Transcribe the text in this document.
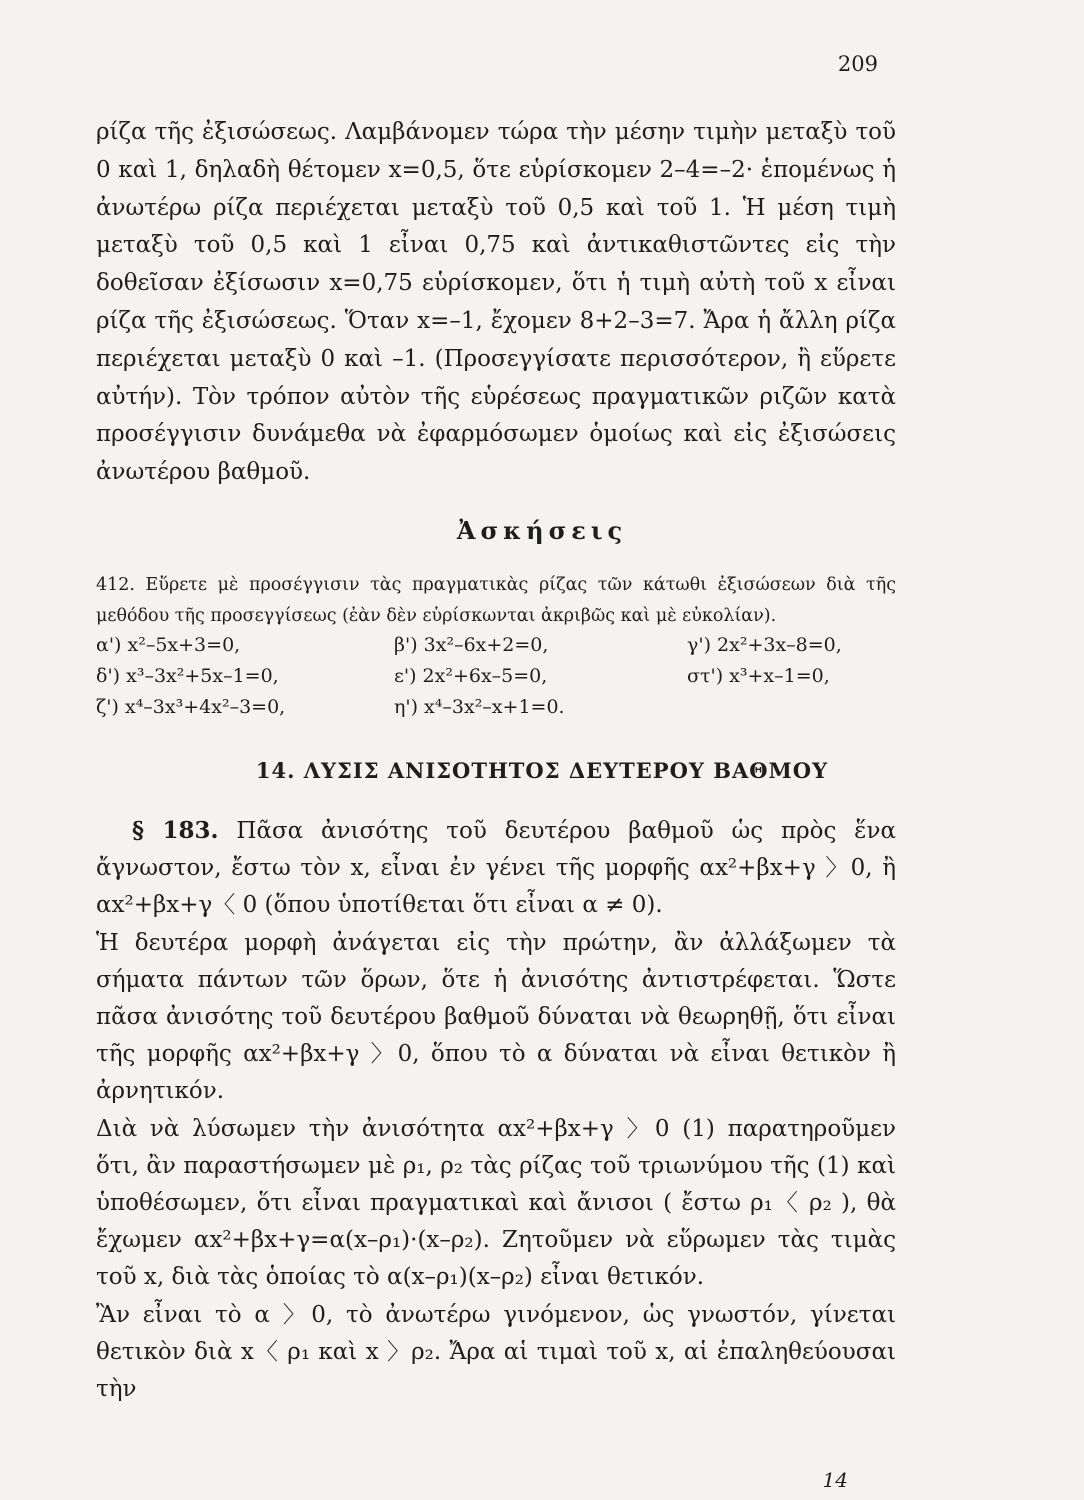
209

ρίζα τῆς ἐξισώσεως. Λαμβάνομεν τώρα τὴν μέσην τιμὴν μεταξὺ τοῦ 0 καὶ 1, δηλαδὴ θέτομεν x=0,5, ὅτε εὑρίσκομεν 2–4=–2· ἑπομένως ἡ ἀνωτέρω ρίζα περιέχεται μεταξὺ τοῦ 0,5 καὶ τοῦ 1. Ἡ μέση τιμὴ μεταξὺ τοῦ 0,5 καὶ 1 εἶναι 0,75 καὶ ἀντικαθιστῶντες εἰς τὴν δοθεῖσαν ἐξίσωσιν x=0,75 εὑρίσκομεν, ὅτι ἡ τιμὴ αὐτὴ τοῦ x εἶναι ρίζα τῆς ἐξισώσεως. Ὅταν x=–1, ἔχομεν 8+2–3=7. Ἄρα ἡ ἄλλη ρίζα περιέχεται μεταξὺ 0 καὶ –1. (Προσεγγίσατε περισσότερον, ἢ εὕρετε αὐτήν). Τὸν τρόπον αὐτὸν τῆς εὑρέσεως πραγματικῶν ριζῶν κατὰ προσέγγισιν δυνάμεθα νὰ ἐφαρμόσωμεν ὁμοίως καὶ εἰς ἐξισώσεις ἀνωτέρου βαθμοῦ.

Ἀσκήσεις

412. Εὕρετε μὲ προσέγγισιν τὰς πραγματικὰς ρίζας τῶν κάτωθι ἐξισώσεων διὰ τῆς μεθόδου τῆς προσεγγίσεως (ἐὰν δὲν εὑρίσκωνται ἀκριβῶς καὶ μὲ εὐκολίαν).

α') x²–5x+3=0,	β') 3x²–6x+2=0,	γ') 2x²+3x–8=0,
δ') x³–3x²+5x–1=0,	ε') 2x²+6x–5=0,	στ') x³+x–1=0,
ζ') x⁴–3x³+4x²–3=0,	η') x⁴–3x²–x+1=0.
14. ΛΥΣΙΣ ΑΝΙΣΟΤΗΤΟΣ ΔΕΥΤΕΡΟΥ ΒΑΘΜΟΥ

§ 183. Πᾶσα ἀνισότης τοῦ δευτέρου βαθμοῦ ὡς πρὸς ἕνα ἄγνωστον, ἔστω τὸν x, εἶναι ἐν γένει τῆς μορφῆς αx²+βx+γ 〉0, ἢ αx²+βx+γ〈 0 (ὅπου ὑποτίθεται ὅτι εἶναι α ≠ 0).

Ἡ δευτέρα μορφὴ ἀνάγεται εἰς τὴν πρώτην, ἂν ἀλλάξωμεν τὰ σήματα πάντων τῶν ὅρων, ὅτε ἡ ἀνισότης ἀντιστρέφεται. Ὥστε πᾶσα ἀνισότης τοῦ δευτέρου βαθμοῦ δύναται νὰ θεωρηθῇ, ὅτι εἶναι τῆς μορφῆς αx²+βx+γ 〉0, ὅπου τὸ α δύναται νὰ εἶναι θετικὸν ἢ ἀρνητικόν.

Διὰ νὰ λύσωμεν τὴν ἀνισότητα αx²+βx+γ 〉0 (1) παρατηροῦμεν ὅτι, ἂν παραστήσωμεν μὲ ρ₁, ρ₂ τὰς ρίζας τοῦ τριωνύμου τῆς (1) καὶ ὑποθέσωμεν, ὅτι εἶναι πραγματικαὶ καὶ ἄνισοι ( ἔστω ρ₁〈 ρ₂ ), θὰ ἔχωμεν αx²+βx+γ=α(x–ρ₁)·(x–ρ₂). Ζητοῦμεν νὰ εὕρωμεν τὰς τιμὰς τοῦ x, διὰ τὰς ὁποίας τὸ α(x–ρ₁)(x–ρ₂) εἶναι θετικόν.

Ἂν εἶναι τὸ α 〉0, τὸ ἀνωτέρω γινόμενον, ὡς γνωστόν, γίνεται θετικὸν διὰ x〈 ρ₁ καὶ x 〉ρ₂. Ἄρα αἱ τιμαὶ τοῦ x, αἱ ἐπαληθεύουσαι τὴν

14
